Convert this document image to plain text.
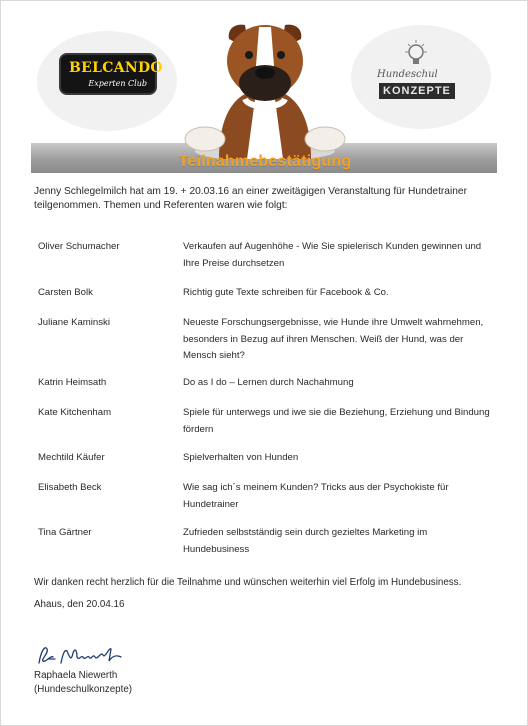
BELCANDO
Experten Club
Hundeschul
KONZEPTE
Teilnahmebestätigung
Jenny Schlegelmilch hat am 19. + 20.03.16 an einer zweitägigen Veranstaltung für Hundetrainer teilgenommen. Themen und Referenten waren wie folgt:
Oliver Schumacher	Verkaufen auf Augenhöhe - Wie Sie spielerisch Kunden gewinnen und Ihre Preise durchsetzen
Carsten Bolk	Richtig gute Texte schreiben für Facebook & Co.
Juliane Kaminski	Neueste Forschungsergebnisse, wie Hunde ihre Umwelt wahrnehmen, besonders in Bezug auf ihren Menschen. Weiß der Hund, was der Mensch sieht?
Katrin Heimsath	Do as I do – Lernen durch Nachahmung
Kate Kitchenham	Spiele für unterwegs und iwe sie die Beziehung, Erziehung und Bindung fördern
Mechtild Käufer	Spielverhalten von Hunden
Elisabeth Beck	Wie sag ich´s meinem Kunden? Tricks aus der Psychokiste für Hundetrainer
Tina Gärtner	Zufrieden selbstständig sein durch gezieltes Marketing im Hundebusiness
Wir danken recht herzlich für die Teilnahme und wünschen weiterhin viel Erfolg im Hundebusiness.
Ahaus, den 20.04.16
Raphaela Niewerth
(Hundeschulkonzepte)
